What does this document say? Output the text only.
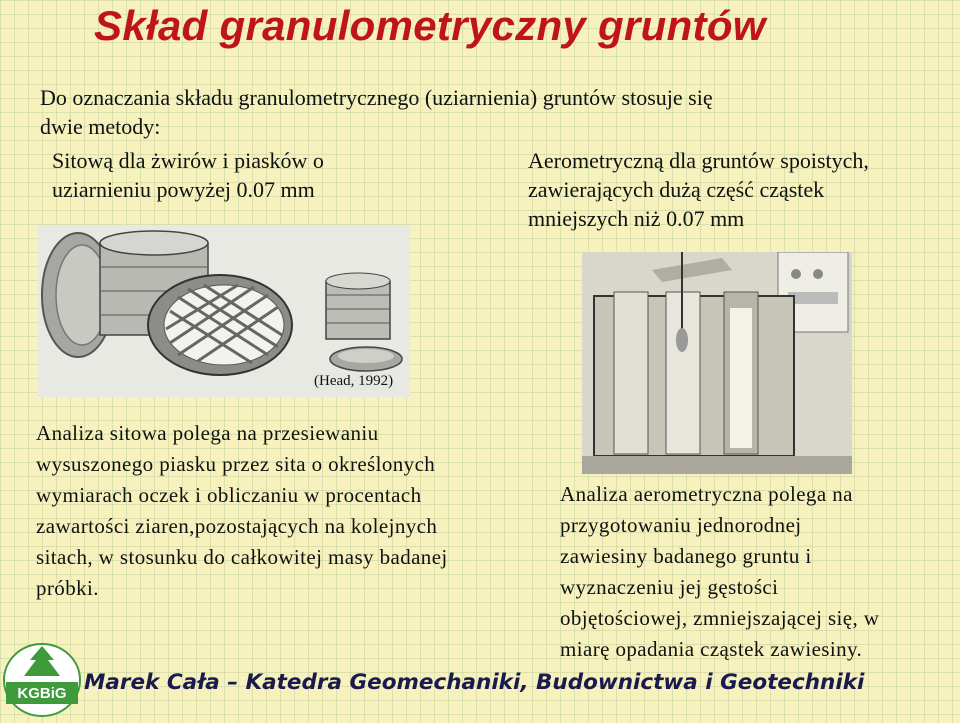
Skład granulometryczny gruntów
Do oznaczania składu granulometrycznego (uziarnienia) gruntów stosuje się
dwie metody:
Sitową dla żwirów i piasków o
uziarnieniu powyżej 0.07 mm
Aerometryczną dla gruntów spoistych,
zawierających dużą część cząstek
mniejszych niż 0.07 mm
(Head, 1992)
Analiza sitowa polega na przesiewaniu
wysuszonego piasku przez sita o określonych
wymiarach oczek i obliczaniu w procentach
zawartości ziaren,pozostających na kolejnych
sitach, w stosunku do całkowitej masy badanej
próbki.
Analiza aerometryczna polega na
przygotowaniu jednorodnej
zawiesiny badanego gruntu i
wyznaczeniu jej gęstości
objętościowej, zmniejszającej się, w
miarę opadania cząstek zawiesiny.
KGBiG Marek Cała – Katedra Geomechaniki, Budownictwa i Geotechniki
